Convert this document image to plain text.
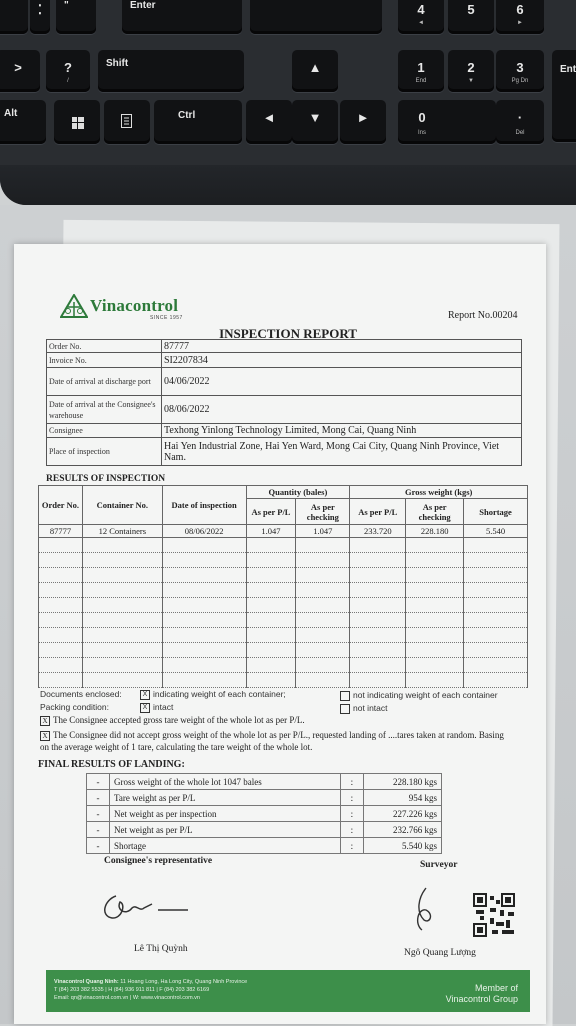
⁚	"	Enter	4
◄
5	6
►
>	?
/
Shift	▲	1
End
2
▼
3
Pg Dn
Ent
Alt	Ctrl	◄	▼	►	0
Ins
·
Del
Vinacontrol
SINCE 1957	Report No.00204
INSPECTION REPORT
Order No.	87777
Invoice No.	SI2207834
Date of arrival at discharge port	04/06/2022
Date of arrival at the Consignee's warehouse	08/06/2022
Consignee	Texhong Yinlong Technology Limited, Mong Cai, Quang Ninh
Place of inspection	Hai Yen Industrial Zone, Hai Yen Ward, Mong Cai City, Quang Ninh Province, Viet Nam.
RESULTS OF INSPECTION
Order No.	Container No.	Date of inspection	Quantity (bales)		Gross weight (kgs)		
			As per P/L	As per checking	As per P/L	As per checking	Shortage
87777	12 Containers	08/06/2022	1.047	1.047	233.720	228.180	5.540

Documents enclosed:	X indicating weight of each container;	not indicating weight of each container
Packing condition:	X intact	not intact
X The Consignee accepted gross tare weight of the whole lot as per P/L.
X The Consignee did not accept gross weight of the whole lot as per P/L., requested landing of ....tares taken at random. Basing on the average weight of 1 tare, calculating the tare weight of the whole lot.
FINAL RESULTS OF LANDING:
-	Gross weight of the whole lot 1047 bales	:	228.180 kgs
-	Tare weight as per P/L	:	954 kgs
-	Net weight as per inspection	:	227.226 kgs
-	Net weight as per P/L	:	232.766 kgs
-	Shortage	:	5.540 kgs
Consignee's representative	Surveyor
Lê Thị Quỳnh	Ngô Quang Lượng
Vinacontrol Quang Ninh: 11 Hoang Long, Ha Long City, Quang Ninh Province
T (84) 203 382 5535 | H (84) 936 911 811 | F (84) 203 382 6169
Email: qn@vinacontrol.com.vn | W: www.vinacontrol.com.vn
Member of
Vinacontrol Group
